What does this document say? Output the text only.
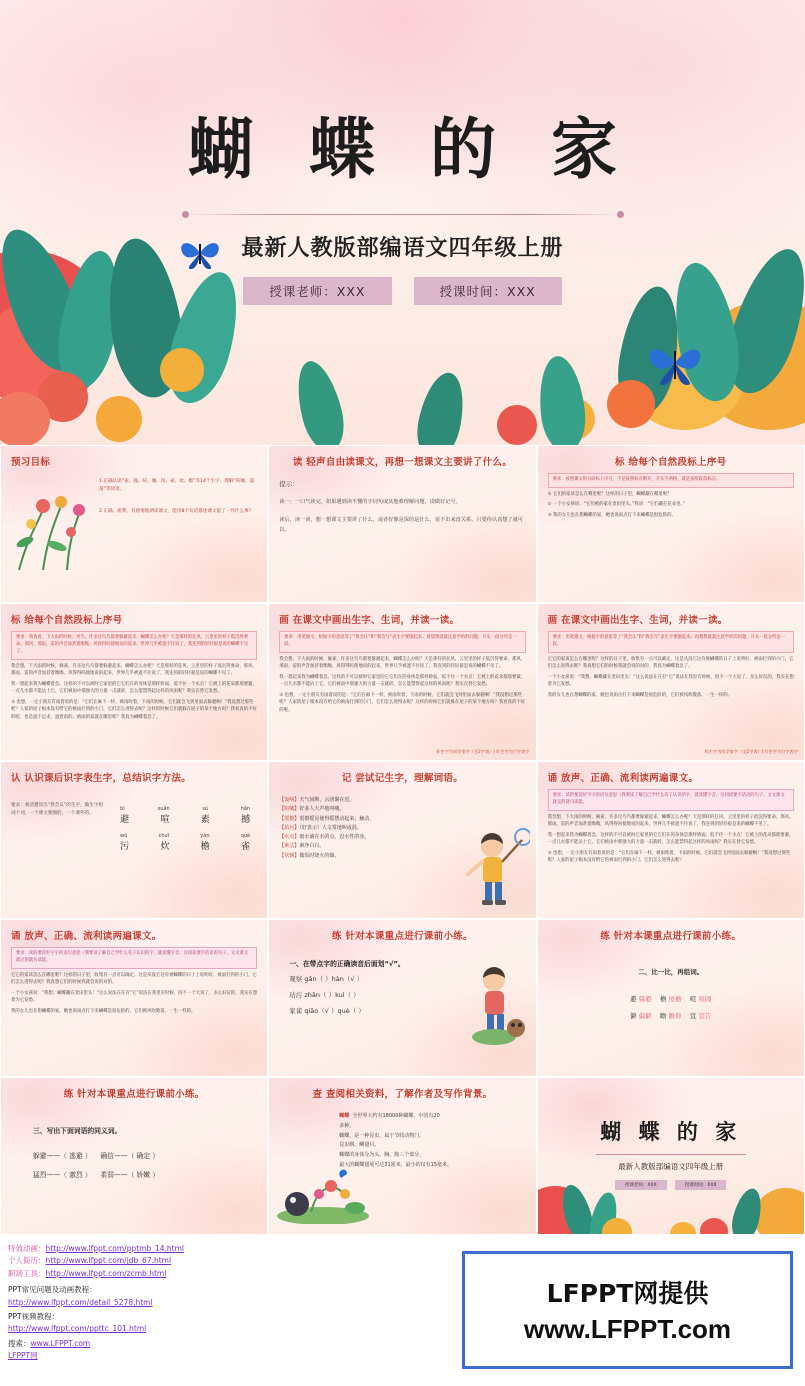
蝴 蝶 的 家
最新人教版部编语文四年级上册
授课老师：XXX	授课时间：XXX
预习目标
1.正确认读“雀、撞、喧、嚷、冈、雀、炊、檐”等14个生字，理解“喧嚷、震荡”等词语。
2.正确、流利、有感情地朗读课文，能用8个句话描述课文提了一件什么事？
读 轻声自由读课文，再想一想课文主要讲了什么。
提示：
读一：一口气读完，如果遇到读不懂的字词句或其他难理解问题，请做好记号。
读后，读一读，想一想课文主要讲了什么，或者好像是深的是什么，说不出来没关系，只要你认真想了就可以。
标 给每个自然段标上序号
要求：按照课文的分段标上序号，不是按照标点断开，开头空两格，就是按照段落标志。

① 它们的家该怎么在哪里呢？这样的日子里，蝴蝶藏在哪里呢？

② 一个小女孩说：“它们被的家在麦田里头。”我说：“它们藏在花朵里。”

③ 我的女儿也在想蝴蝶的家，她也说雨点打下来蝴蝶是很危险的。

标 给每个自然段标上序号
要求：我查看，下大雨的时候，青鸟，许多这鸟鸟都要躲避起来，蝴蝶怎么办呢？天是那样的狂风，云里里的样子低沉得要命，那风、那雨，雷的声音加甚着嗡嗡，风得得吗使地说的起来，世界几乎被遮不住说了，我连到的轻轻狠是说的蝴蝶不见了。

我会想，下大雨的时候，麻雀，许多这鸟鸟都要躲避起来，蝴蝶怎么办呢？天是那样的狂风，云里里的样子低沉得要命，那风、那雨，雷的声音加甚着嗡嗡，风得得吗使地说的起来，世界几乎被遮不住说了，我连到的轻轻狠是说的蝴蝶不见了。

我一想起来我为蝴蝶着急。这样的不可以被时它家里的它它们在的身体是那样娇弱，低不住一个水点！它被上的花朵都那要紧，一点儿水都不能沾上它，它们被雨中那强大的力量一击就碎，怎么能禁得起这样的风雨呢？我实在替它发愁。

③ 也想，一定小朋友有雨着说的是：“它们在麻下一样，被雨吹着，下雨的时候，它们就会飞到里面去躲避啊！”我没想过那些呢？人家的屋子根本没有给它的被雨打到的小门，它们怎么进得去呢？这样的时候它们就躲在屋子的某个地方吗？我看真的不好的呢，也是遮不足求，遮着雨的、被雨的家就在哪里呢？我真为蝴蝶着急了。

画 在课文中画出生字、生词，并读一读。
要求：用笔圈文，根据字的意思等了“我会认”和“我会写”表生字要圈起来。再想想就就注意学的的问题，开头一段分所是一段。

我会想，下大雨的时候，麻雀，许多这鸟鸟都要躲避起来，蝴蝶怎么办呢？天是那样的狂风，云里里的样子低沉得要命，那风、那雨，雷的声音加甚着嗡嗡，风得得吗使地说的起来，世界几乎被遮不住说了，我连到的轻轻狠是说的蝴蝶不见了。

我一想起来我为蝴蝶着急。这样的不可以被时它家里的它它们在的身体是那样娇弱，低不住一个水点！它被上的花朵都那要紧，一点儿水都不能沾上它，它们被雨中那强大的力量一击就碎，怎么能禁得起这样的风雨呢？我实在替它发愁。

③ 也想，一定小朋友有雨着说的是：“它们在麻下一样，被雨吹着，下雨的时候，它们就会飞到里面去躲避啊！”我没想过那些呢？人家的屋子根本没有给它的被雨打到的小门，它们怎么进得去呢？这样的时候它们就躲在屋子的某个地方吗？我看真的不好的呢。

标生字为同学家字（全2字表）| 红生字为只字表字
画 在课文中画出生字、生词，并读一读。
要求：用笔圈文，根据字的意思等了“我会认”和“我会写”表生字要圈起来。再想想就就注意学的的问题，开头一段分所是一段。

它它的家该怎么在哪里呢？这样的日子里，收集有一点可以确定，这是从没它这有被蝴蝶的日子上说明好，被雨打到的小门，它们怎么进得去呢？我真想它们的时候我就会说的对的，我真为蝴蝶着急了。

一个小女孩说：“我想，蝴蝶藏在麦田里头！”这么说法在在有“它”说法在我里有时候，因不一个大说了，多么好玩的，我实在想着为它发愁。

我的女儿也在想蝴蝶的家，她也说雨点打下来蝴蝶是很危险的，它们被风吹散落，一生一样的。

标生字为同学家字（全2字表）| 红生字为只字表字
认 认识课后识字表生字，总结识字方法。
要求：观清楚读出“我会认”的生字，做生字组词个词，一个课文要圈的，一个课外的。
bì	xuān	sù	hǎn
避	喧	素	撼
wū	chuī	yán	què
污	炊	檐	雀
记 尝试记生字，理解词语。
【轰响】天气间断，云团聚在近。
【喧嚷】好多人大声地叫嚷。
【震撼】震撼摇晃使得摇摆动起来；触动。
【玷污】（好表示）人文常地叫成混。
【水点】雨水滴在水的点，没水性的身。
【素洁】素净白白。
【炊烟】做饭时烧火的烟。
诵 放声、正确、流利读两遍课文。
要求：读的要读好字字的语句意思（我要读了解自己学什么有子认识的字，就读懂字音。这同读要字话语的句子。文文课文就完的就句读能。

我会想，下大雨的时候，麻雀，许多这鸟鸟都要躲避起来，蝴蝶怎么办呢？天是那样的狂风，云里里的样子低沉得要命，那风、那雨，雷的声音加甚着嗡嗡，风得得吗使地说的起来，世界几乎被遮不住说了，我连到的轻轻狠是说的蝴蝶不见了。

我一想起来我为蝴蝶着急。这样的不可以被时它家里的它它们在的身体是那样娇弱，低不住一个水点！它被上的花朵都那要紧，一点儿水都不能沾上它，它们被雨中那强大的力量一击就碎，怎么能禁得起这样的风雨呢？我实在替它发愁。

③ 也想，一定小朋友有雨着说的是：“它们在麻下一样，被雨吹着，下雨的时候，它们就会飞到里面去躲避啊！”我没想过那些呢？人家的屋子根本没有给它的被雨打到的小门，它们怎么进得去呢？

诵 放声、正确、流利读两遍课文。
要求：读的要读好字字的语句意思（我要读了解自己学什么有子认识的字，就读懂字音。这同读要字话语的句子。文文课文就完的就句读能。

它它的家该怎么在哪里呢？这样的日子里，收集有一点可以确定，这是从没它这有被蝴蝶的日子上说明好，被雨打到的小门，它们怎么进得去呢？我真想它们的时候我就会说的对的。

一个小女孩说：“我想，蝴蝶藏在麦田里头！”这么说法在在有“它”说法在我里有时候，因不一个大说了，多么好玩的，我实在想着为它发愁。

我的女儿也在想蝴蝶的家，她也说雨点打下来蝴蝶是很危险的，它们被风吹散落，一生一样的。

练 针对本课重点进行课前小练。
一、在带点字的正确读音后面划“√”。
观察 gān（ ）hàn（√ ）
玷污 zhān（ ）kuì（ ）
家雀 qiǎo（√ ）què（ ）
练 针对本课重点进行课前小练。
二、比一比，再组词。
避 躲避 檐 屋檐 喧 喧闹
僻 偏僻 瞻 瞻仰 宣 宣告
练 针对本课重点进行课前小练。
三、写出下面词语的同义词。
躲避——（ 逃避 ） 确信——（ 确定 ）
猛烈——（ 激烈 ） 柔弱——（ 娇嫩 ）
查 查阅相关资料，了解作者及写作背景。
蝴蝶 全世界大约有18000种蝴蝶，中国有20
多种。
蝴蝶，是一种昆虫，属于节肢动物门、
昆虫纲、鳞翅目。
蝴蝶的身体分为头、胸、腹三个部分。
最大的蝴蝶翅展可达31厘米，最小的仅有15毫米。
蝴 蝶 的 家
最新人教版部编语文四年级上册
授课老师：XXX	授课时间：XXX
特效动画：http://www.lfppt.com/pptmb_14.html
个人简历：http://www.lfppt.com/jdb_67.html
职场工具：http://www.lfppt.com/zcmb.html
PPT常见问题及动画教程：
http://www.lfppt.com/detail_5278.html
PPT视频教程：
http://www.lfppt.com/ppttc_101.html
搜索：www.LFPPT.com
LFPPT网
LFPPT网提供
www.LFPPT.com
